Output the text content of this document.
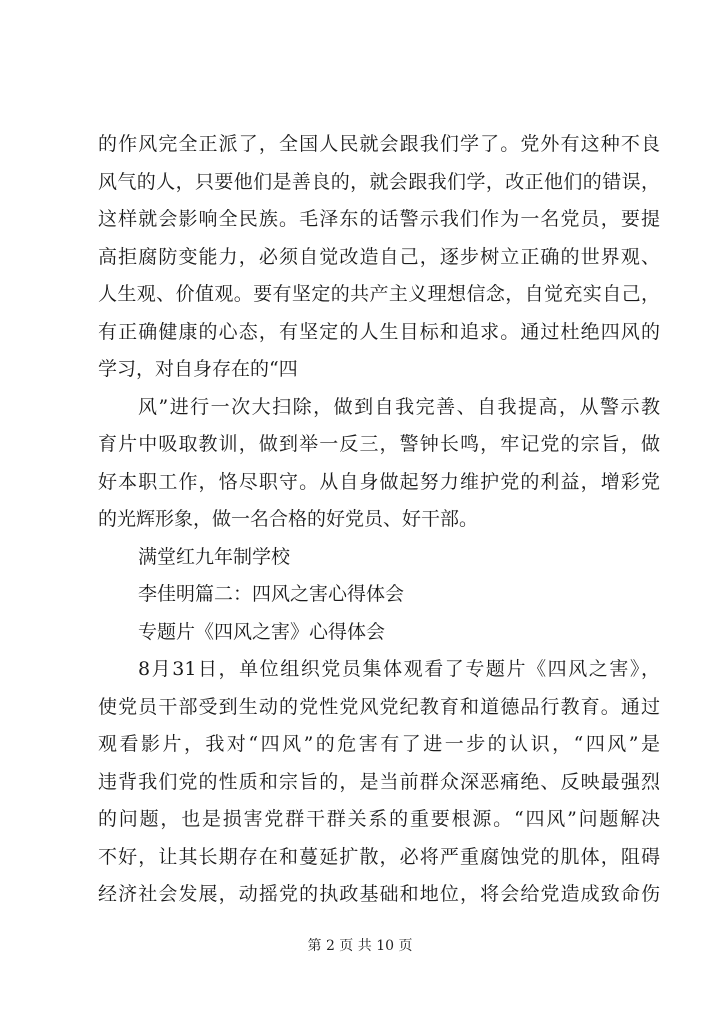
的作风完全正派了，全国人民就会跟我们学了。党外有这种不良
风气的人，只要他们是善良的，就会跟我们学，改正他们的错误，
这样就会影响全民族。毛泽东的话警示我们作为一名党员，要提
高拒腐防变能力，必须自觉改造自己，逐步树立正确的世界观、
人生观、价值观。要有坚定的共产主义理想信念，自觉充实自己，
有正确健康的心态，有坚定的人生目标和追求。通过杜绝四风的
学习，对自身存在的“四
风”进行一次大扫除，做到自我完善、自我提高，从警示教
育片中吸取教训，做到举一反三，警钟长鸣，牢记党的宗旨，做
好本职工作，恪尽职守。从自身做起努力维护党的利益，增彩党
的光辉形象，做一名合格的好党员、好干部。
满堂红九年制学校
李佳明篇二：四风之害心得体会
专题片《四风之害》心得体会
8月31日，单位组织党员集体观看了专题片《四风之害》，
使党员干部受到生动的党性党风党纪教育和道德品行教育。通过
观看影片，我对“四风”的危害有了进一步的认识，“四风”是
违背我们党的性质和宗旨的，是当前群众深恶痛绝、反映最强烈
的问题，也是损害党群干群关系的重要根源。“四风”问题解决
不好，让其长期存在和蔓延扩散，必将严重腐蚀党的肌体，阻碍
经济社会发展，动摇党的执政基础和地位，将会给党造成致命伤
第 2 页 共 10 页
